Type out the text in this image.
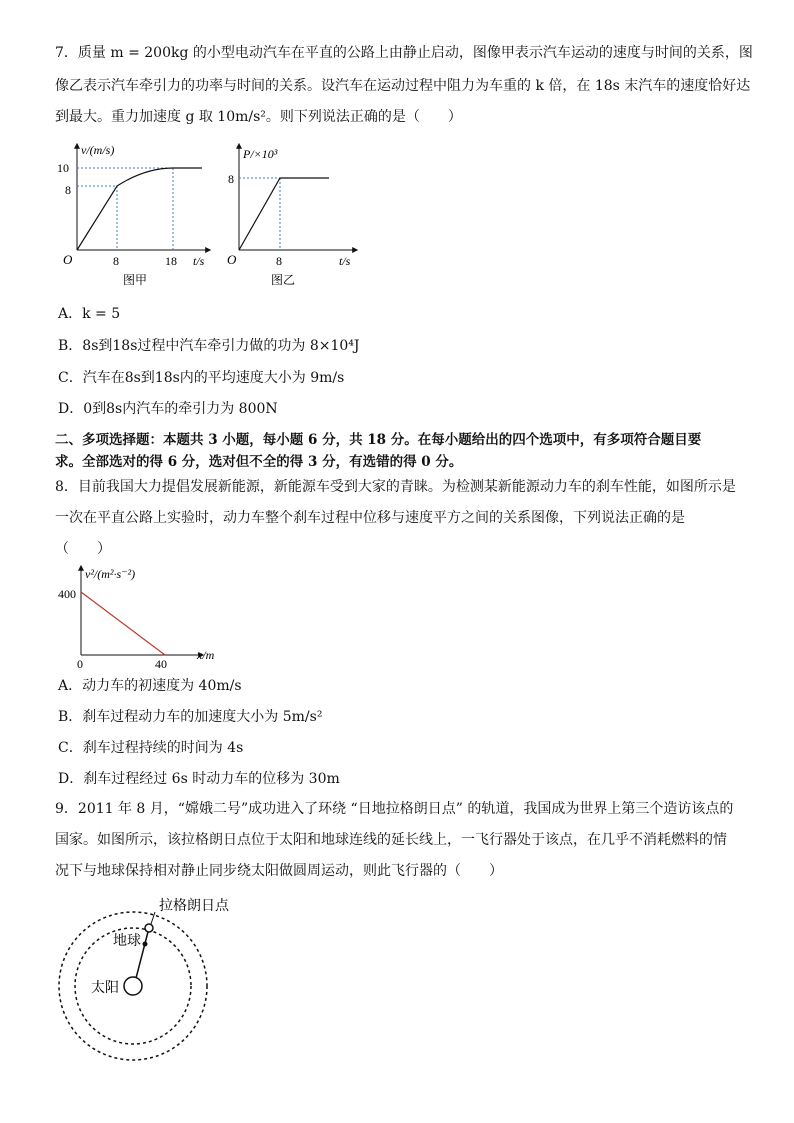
7．质量 m = 200kg 的小型电动汽车在平直的公路上由静止启动，图像甲表示汽车运动的速度与时间的关系，图
像乙表示汽车牵引力的功率与时间的关系。设汽车在运动过程中阻力为车重的 k 倍，在 18s 末汽车的速度恰好达
到最大。重力加速度 g 取 10m/s²。则下列说法正确的是（　　）
v/(m/s)
10
8
O	8	18 t/s
图甲
P/×10³
8
O	8	t/s
图乙
A．k = 5
B．8s到18s过程中汽车牵引力做的功为 8×10⁴J
C．汽车在8s到18s内的平均速度大小为 9m/s
D．0到8s内汽车的牵引力为 800N
二、多项选择题：本题共 3 小题，每小题 6 分，共 18 分。在每小题给出的四个选项中，有多项符合题目要
求。全部选对的得 6 分，选对但不全的得 3 分，有选错的得 0 分。
8．目前我国大力提倡发展新能源，新能源车受到大家的青睐。为检测某新能源动力车的刹车性能，如图所示是
一次在平直公路上实验时，动力车整个刹车过程中位移与速度平方之间的关系图像，下列说法正确的是
（　　）
v²/(m²·s⁻²)
400
0	40
x/m
A．动力车的初速度为 40m/s
B．刹车过程动力车的加速度大小为 5m/s²
C．刹车过程持续的时间为 4s
D．刹车过程经过 6s 时动力车的位移为 30m
9．2011 年 8 月，“嫦娥二号”成功进入了环绕 “日地拉格朗日点” 的轨道，我国成为世界上第三个造访该点的
国家。如图所示，该拉格朗日点位于太阳和地球连线的延长线上，一飞行器处于该点，在几乎不消耗燃料的情
况下与地球保持相对静止同步绕太阳做圆周运动，则此飞行器的（　　）
拉格朗日点
地球
太阳
